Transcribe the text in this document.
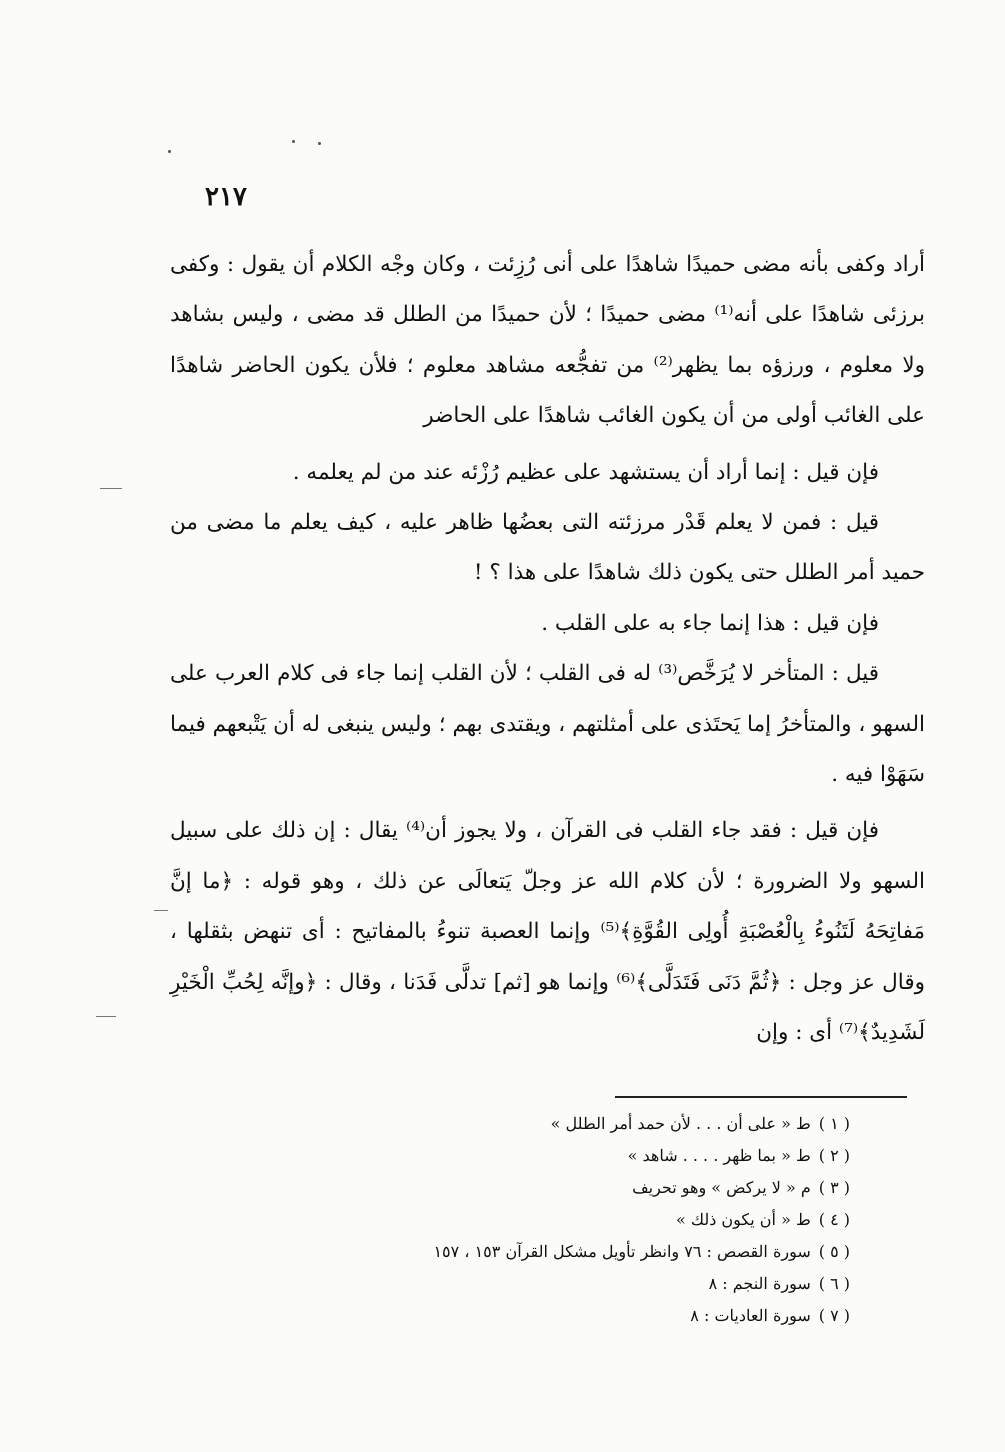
٢١٧

أراد وكفى بأنه مضى حميدًا شاهدًا على أنى رُزِئت ، وكان وجْه الكلام أن يقول : وكفى برزئى شاهدًا على أنه⁽¹⁾ مضى حميدًا ؛ لأن حميدًا من الطلل قد مضى ، وليس بشاهد ولا معلوم ، ورزؤه بما يظهر⁽²⁾ من تفجُّعه مشاهد معلوم ؛ فلأن يكون الحاضر شاهدًا على الغائب أولى من أن يكون الغائب شاهدًا على الحاضر

فإن قيل : إنما أراد أن يستشهد على عظيم رُزْئه عند من لم يعلمه .

قيل : فمن لا يعلم قَدْر مرزئته التى بعضُها ظاهر عليه ، كيف يعلم ما مضى من حميد أمر الطلل حتى يكون ذلك شاهدًا على هذا ؟ !

فإن قيل : هذا إنما جاء به على القلب .

قيل : المتأخر لا يُرَخَّص⁽³⁾ له فى القلب ؛ لأن القلب إنما جاء فى كلام العرب على السهو ، والمتأخرُ إما يَحتَذى على أمثلتهم ، ويقتدى بهم ؛ وليس ينبغى له أن يَتْبعهم فيما سَهَوْا فيه .

فإن قيل : فقد جاء القلب فى القرآن ، ولا يجوز أن⁽⁴⁾ يقال : إن ذلك على سبيل السهو ولا الضرورة ؛ لأن كلام الله عز وجلّ يَتعالَى عن ذلك ، وهو قوله : ﴿ما إنَّ مَفاتِحَهُ لَتَنُوءُ بِالْعُصْبَةِ أُولِى القُوَّةِ﴾⁽⁵⁾ وإنما العصبة تنوءُ بالمفاتيح : أى تنهض بثقلها ، وقال عز وجل : ﴿ثُمَّ دَنَى فَتَدَلَّى﴾⁽⁶⁾ وإنما هو [ثم] تدلَّى فَدَنا ، وقال : ﴿وإنَّه لِحُبِّ الْخَيْرِ لَشَدِيدٌ﴾⁽⁷⁾ أى : وإن

( ١ )ط « على أن . . . لأن حمد أمر الطلل »
( ٢ )ط « بما ظهر . . . . شاهد »
( ٣ )م « لا يركض » وهو تحريف
( ٤ )ط « أن يكون ذلك »
( ٥ )سورة القصص : ٧٦ وانظر تأويل مشكل القرآن ١٥٣ ، ١٥٧
( ٦ )سورة النجم : ٨
( ٧ )سورة العاديات : ٨
